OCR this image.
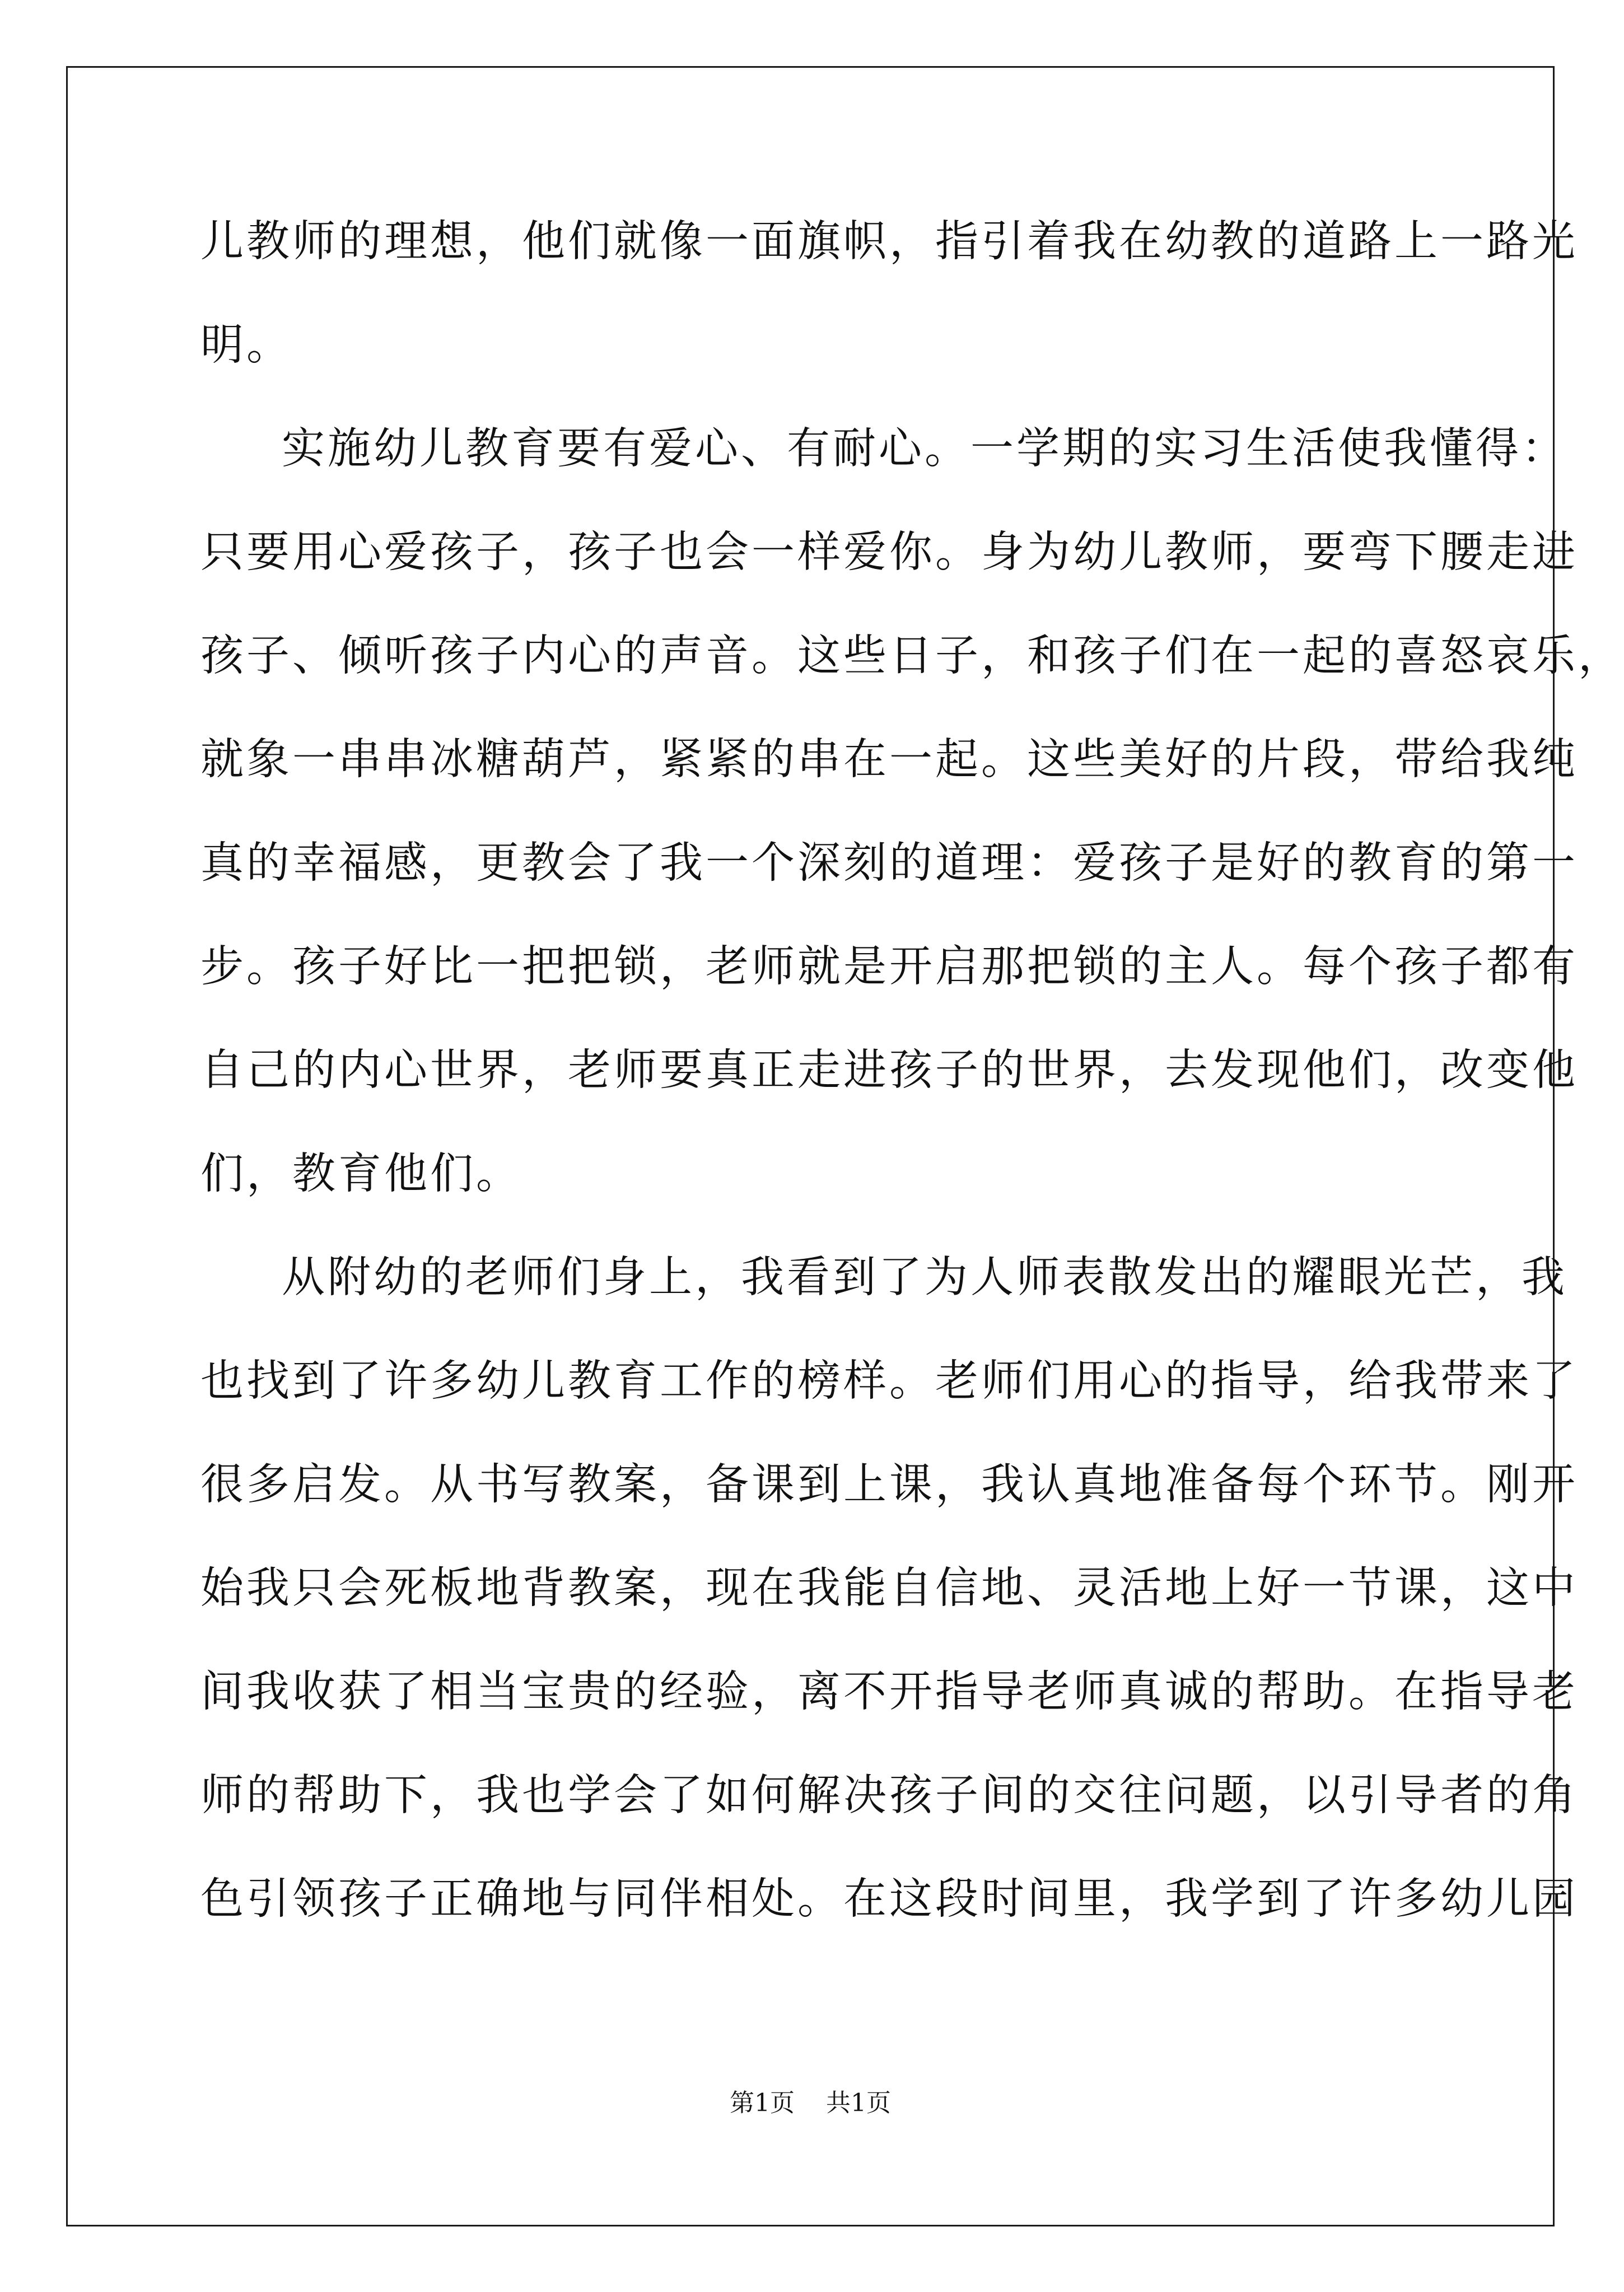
儿教师的理想，他们就像一面旗帜，指引着我在幼教的道路上一路光
明。
实施幼儿教育要有爱心、有耐心。一学期的实习生活使我懂得：
只要用心爱孩子，孩子也会一样爱你。身为幼儿教师，要弯下腰走进
孩子、倾听孩子内心的声音。这些日子，和孩子们在一起的喜怒哀乐，
就象一串串冰糖葫芦，紧紧的串在一起。这些美好的片段，带给我纯
真的幸福感，更教会了我一个深刻的道理：爱孩子是好的教育的第一
步。孩子好比一把把锁，老师就是开启那把锁的主人。每个孩子都有
自己的内心世界，老师要真正走进孩子的世界，去发现他们，改变他
们，教育他们。
从附幼的老师们身上，我看到了为人师表散发出的耀眼光芒，我
也找到了许多幼儿教育工作的榜样。老师们用心的指导，给我带来了
很多启发。从书写教案，备课到上课，我认真地准备每个环节。刚开
始我只会死板地背教案，现在我能自信地、灵活地上好一节课，这中
间我收获了相当宝贵的经验，离不开指导老师真诚的帮助。在指导老
师的帮助下，我也学会了如何解决孩子间的交往问题，以引导者的角
色引领孩子正确地与同伴相处。在这段时间里，我学到了许多幼儿园
第1页 共1页
